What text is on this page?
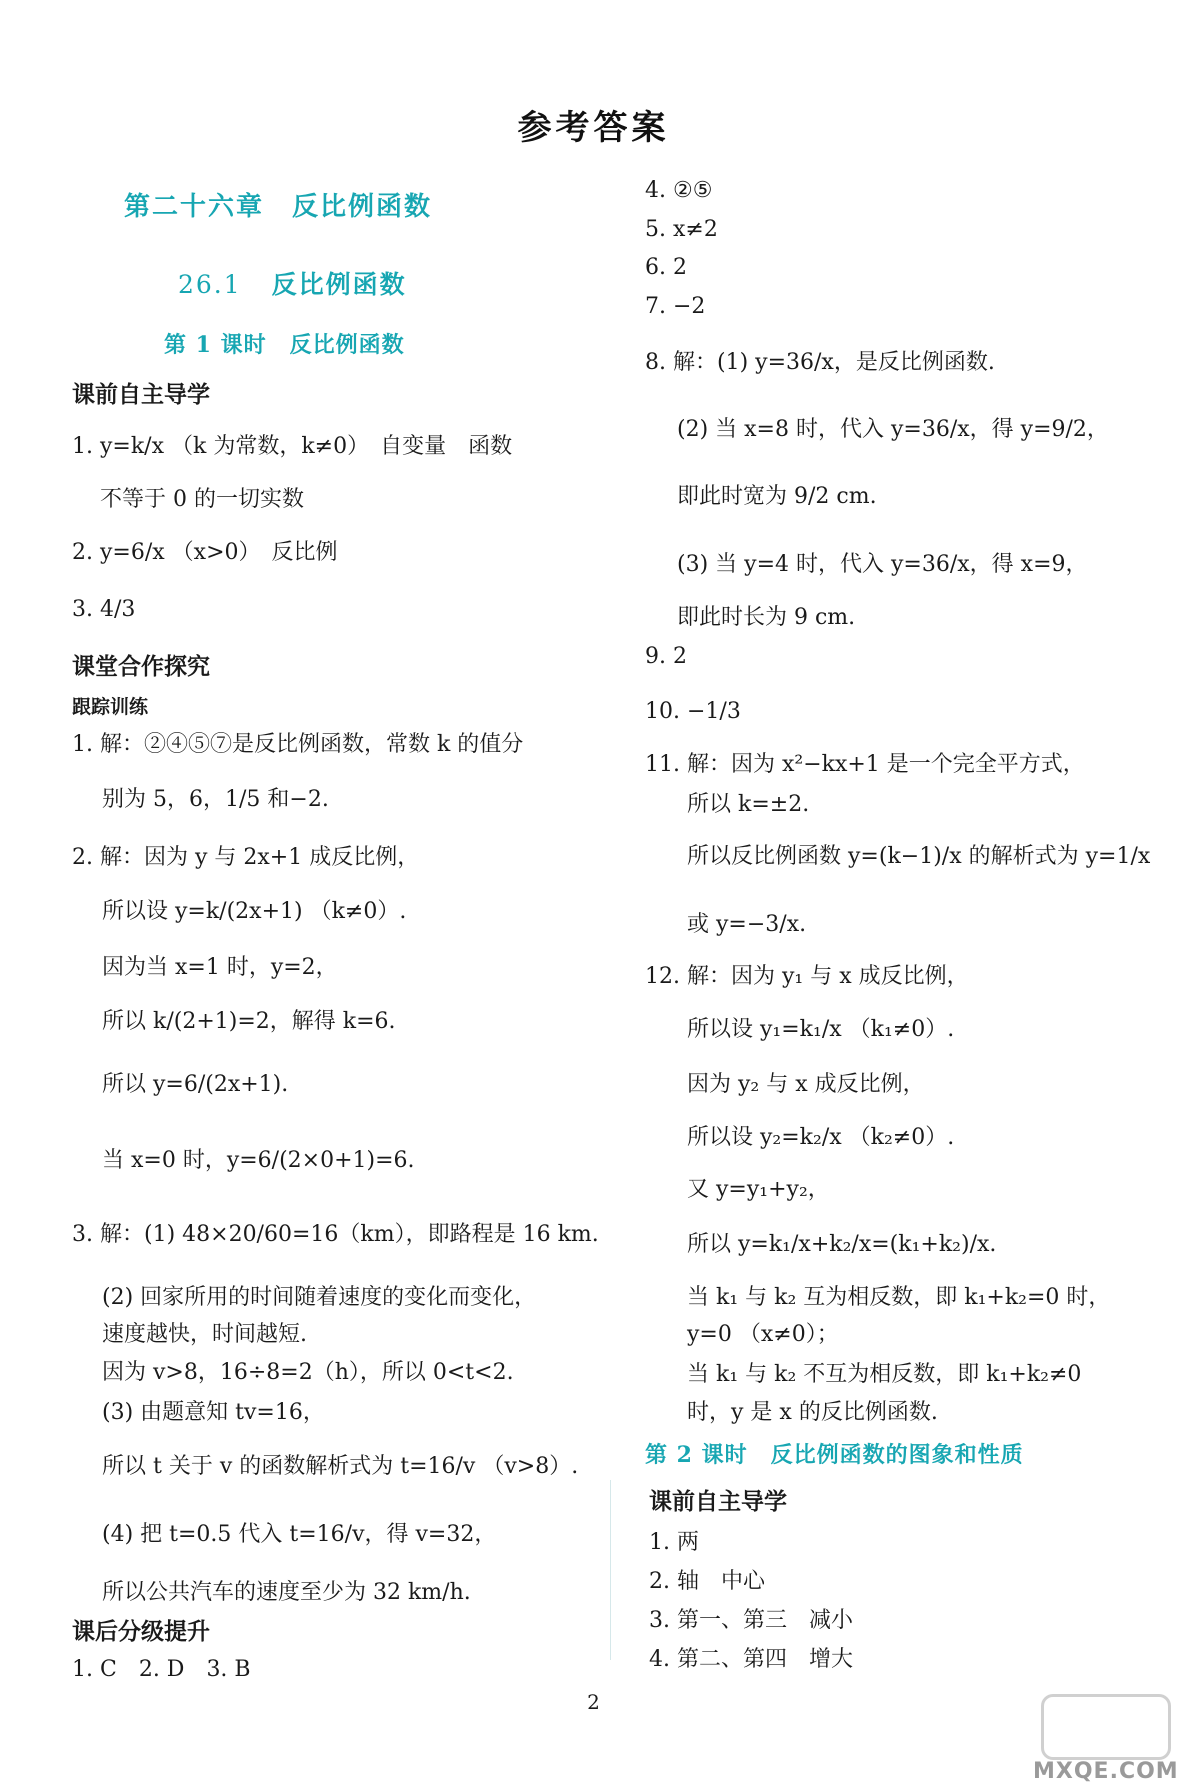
参考答案
第二十六章　反比例函数
26.1 反比例函数
第 1 课时　反比例函数
课前自主导学
1. y=k/x （k 为常数，k≠0）　自变量　函数
不等于 0 的一切实数
2. y=6/x （x>0）　反比例
3. 4/3
课堂合作探究
跟踪训练
1. 解：②④⑤⑦是反比例函数，常数 k 的值分
别为 5，6，1/5 和−2.
2. 解：因为 y 与 2x+1 成反比例，
所以设 y=k/(2x+1) （k≠0）.
因为当 x=1 时，y=2，
所以 k/(2+1)=2，解得 k=6.
所以 y=6/(2x+1).
当 x=0 时，y=6/(2×0+1)=6.
3. 解：(1) 48×20/60=16（km），即路程是 16 km.
(2) 回家所用的时间随着速度的变化而变化，
速度越快，时间越短.
因为 v>8，16÷8=2（h），所以 0<t<2.
(3) 由题意知 tv=16，
所以 t 关于 v 的函数解析式为 t=16/v （v>8）.
(4) 把 t=0.5 代入 t=16/v，得 v=32，
所以公共汽车的速度至少为 32 km/h.
课后分级提升
1. C　2. D　3. B
4. ②⑤
5. x≠2
6. 2
7. −2
8. 解：(1) y=36/x，是反比例函数.
(2) 当 x=8 时，代入 y=36/x，得 y=9/2，
即此时宽为 9/2 cm.
(3) 当 y=4 时，代入 y=36/x，得 x=9，
即此时长为 9 cm.
9. 2
10. −1/3
11. 解：因为 x²−kx+1 是一个完全平方式，
所以 k=±2.
所以反比例函数 y=(k−1)/x 的解析式为 y=1/x
或 y=−3/x.
12. 解：因为 y₁ 与 x 成反比例，
所以设 y₁=k₁/x （k₁≠0）.
因为 y₂ 与 x 成反比例，
所以设 y₂=k₂/x （k₂≠0）.
又 y=y₁+y₂，
所以 y=k₁/x+k₂/x=(k₁+k₂)/x.
当 k₁ 与 k₂ 互为相反数，即 k₁+k₂=0 时，
y=0 （x≠0）；
当 k₁ 与 k₂ 不互为相反数，即 k₁+k₂≠0
时，y 是 x 的反比例函数.
第 2 课时　反比例函数的图象和性质
课前自主导学
1. 两
2. 轴　中心
3. 第一、第三　减小
4. 第二、第四　增大
2
MXQE.COM
